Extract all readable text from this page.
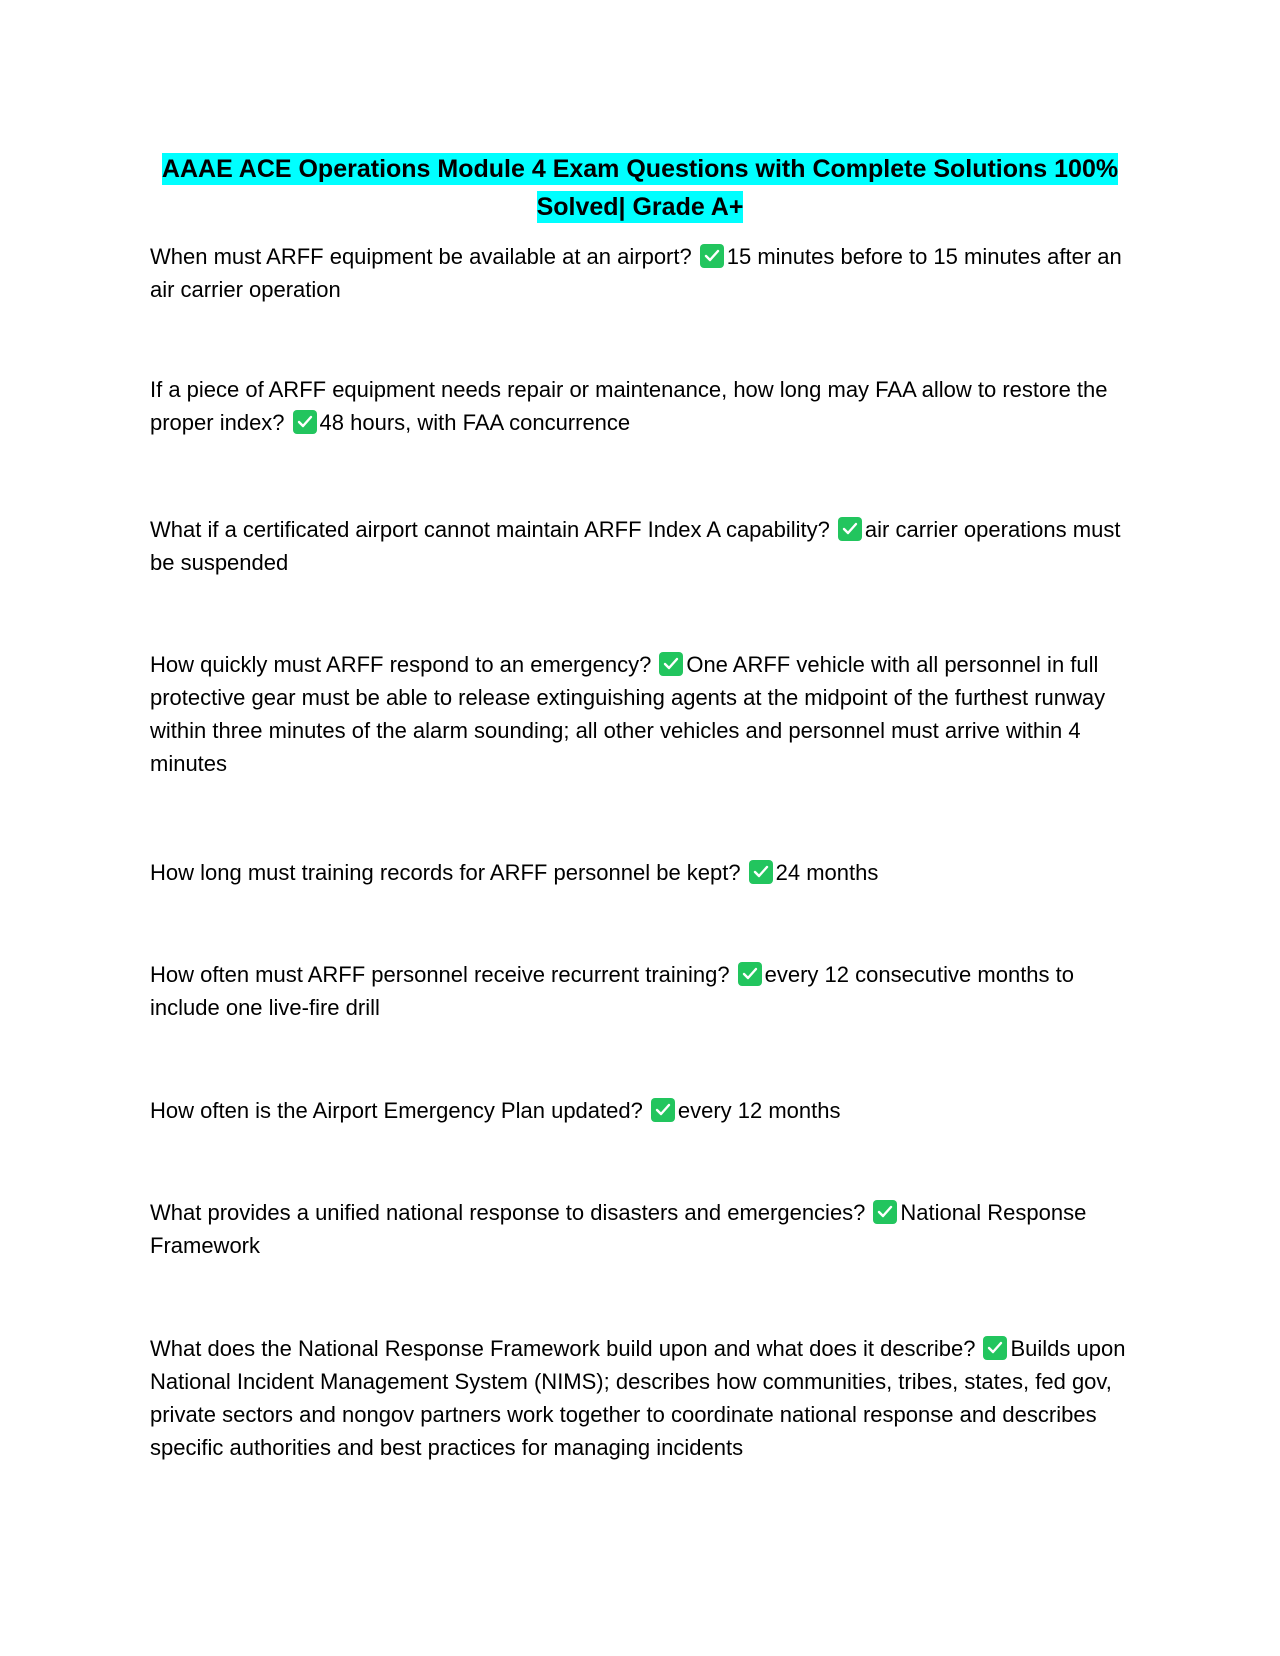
AAAE ACE Operations Module 4 Exam Questions with Complete Solutions 100%
Solved| Grade A+

When must ARFF equipment be available at an airport? 15 minutes before to 15 minutes after an air carrier operation

If a piece of ARFF equipment needs repair or maintenance, how long may FAA allow to restore the proper index? 48 hours, with FAA concurrence

What if a certificated airport cannot maintain ARFF Index A capability? air carrier operations must be suspended

How quickly must ARFF respond to an emergency? One ARFF vehicle with all personnel in full protective gear must be able to release extinguishing agents at the midpoint of the furthest runway within three minutes of the alarm sounding; all other vehicles and personnel must arrive within 4 minutes

How long must training records for ARFF personnel be kept? 24 months

How often must ARFF personnel receive recurrent training? every 12 consecutive months to include one live-fire drill

How often is the Airport Emergency Plan updated? every 12 months

What provides a unified national response to disasters and emergencies? National Response Framework

What does the National Response Framework build upon and what does it describe? Builds upon National Incident Management System (NIMS); describes how communities, tribes, states, fed gov, private sectors and nongov partners work together to coordinate national response and describes specific authorities and best practices for managing incidents
